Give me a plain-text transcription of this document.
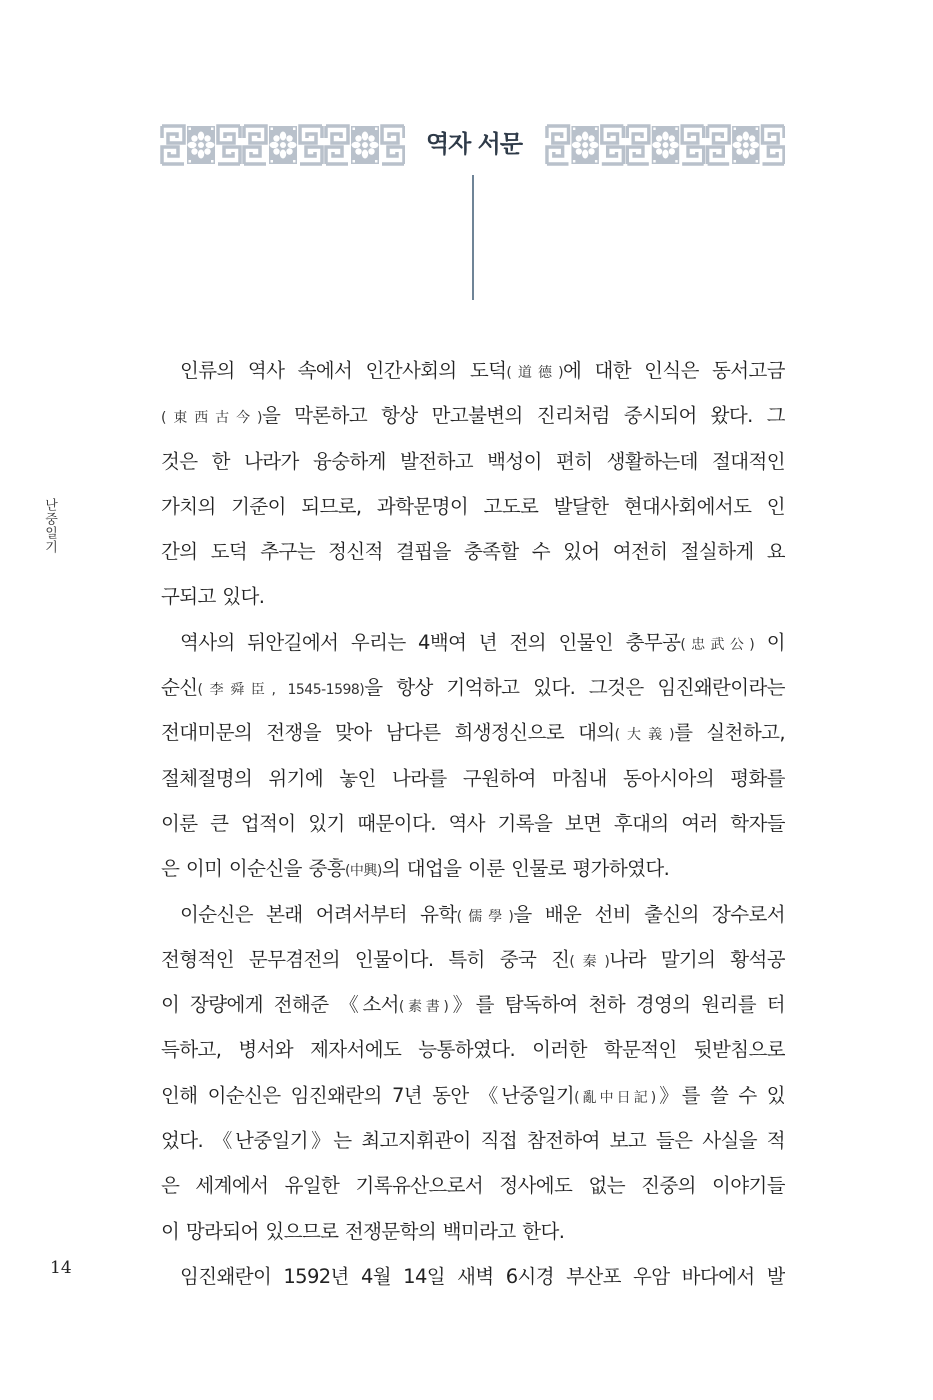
역자 서문
난중일기
인류의 역사 속에서 인간사회의 도덕(道德)에 대한 인식은 동서고금
(東西古今)을 막론하고 항상 만고불변의 진리처럼 중시되어 왔다. 그
것은 한 나라가 융숭하게 발전하고 백성이 편히 생활하는데 절대적인
가치의 기준이 되므로, 과학문명이 고도로 발달한 현대사회에서도 인
간의 도덕 추구는 정신적 결핍을 충족할 수 있어 여전히 절실하게 요
구되고 있다.
역사의 뒤안길에서 우리는 4백여 년 전의 인물인 충무공(忠武公) 이
순신(李舜臣, 1545-1598)을 항상 기억하고 있다. 그것은 임진왜란이라는
전대미문의 전쟁을 맞아 남다른 희생정신으로 대의(大義)를 실천하고,
절체절명의 위기에 놓인 나라를 구원하여 마침내 동아시아의 평화를
이룬 큰 업적이 있기 때문이다. 역사 기록을 보면 후대의 여러 학자들
은 이미 이순신을 중흥(中興)의 대업을 이룬 인물로 평가하였다.
이순신은 본래 어려서부터 유학(儒學)을 배운 선비 출신의 장수로서
전형적인 문무겸전의 인물이다. 특히 중국 진(秦)나라 말기의 황석공
이 장량에게 전해준 《소서(素書)》를 탐독하여 천하 경영의 원리를 터
득하고, 병서와 제자서에도 능통하였다. 이러한 학문적인 뒷받침으로
인해 이순신은 임진왜란의 7년 동안 《난중일기(亂中日記)》를 쓸 수 있
었다. 《난중일기》는 최고지휘관이 직접 참전하여 보고 들은 사실을 적
은 세계에서 유일한 기록유산으로서 정사에도 없는 진중의 이야기들
이 망라되어 있으므로 전쟁문학의 백미라고 한다.
임진왜란이 1592년 4월 14일 새벽 6시경 부산포 우암 바다에서 발
14
